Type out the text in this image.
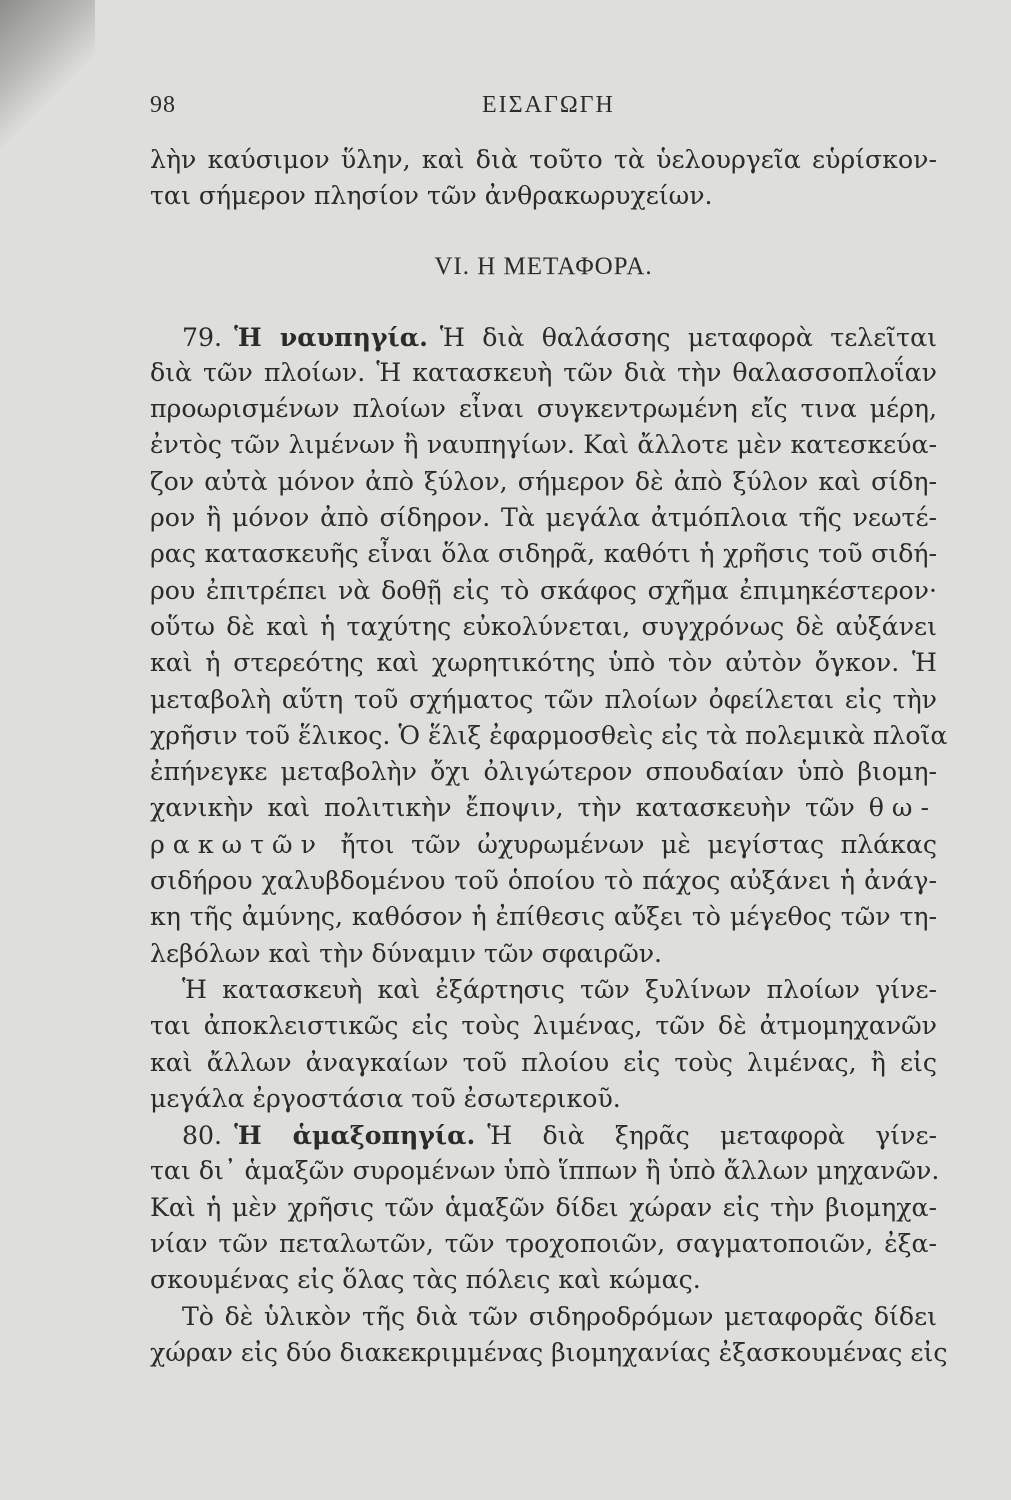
98	ΕΙΣΑΓΩΓΗ
λὴν καύσιμον ὕλην, καὶ διὰ τοῦτο τὰ ὑελουργεῖα εὑρίσκον-
ται σήμερον πλησίον τῶν ἀνθρακωρυχείων.
VI. Η ΜΕΤΑΦΟΡΑ.
79. Ἡ ναυπηγία. Ἡ διὰ θαλάσσης μεταφορὰ τελεῖται
διὰ τῶν πλοίων. Ἡ κατασκευὴ τῶν διὰ τὴν θαλασσοπλοΐαν
προωρισμένων πλοίων εἶναι συγκεντρωμένη εἴς τινα μέρη,
ἐντὸς τῶν λιμένων ἢ ναυπηγίων. Καὶ ἄλλοτε μὲν κατεσκεύα-
ζον αὐτὰ μόνον ἀπὸ ξύλον, σήμερον δὲ ἀπὸ ξύλον καὶ σίδη-
ρον ἢ μόνον ἀπὸ σίδηρον. Τὰ μεγάλα ἀτμόπλοια τῆς νεωτέ-
ρας κατασκευῆς εἶναι ὅλα σιδηρᾶ, καθότι ἡ χρῆσις τοῦ σιδή-
ρου ἐπιτρέπει νὰ δοθῇ εἰς τὸ σκάφος σχῆμα ἐπιμηκέστερον·
οὕτω δὲ καὶ ἡ ταχύτης εὐκολύνεται, συγχρόνως δὲ αὐξάνει
καὶ ἡ στερεότης καὶ χωρητικότης ὑπὸ τὸν αὐτὸν ὄγκον. Ἡ
μεταβολὴ αὕτη τοῦ σχήματος τῶν πλοίων ὀφείλεται εἰς τὴν
χρῆσιν τοῦ ἕλικος. Ὁ ἕλιξ ἐφαρμοσθεὶς εἰς τὰ πολεμικὰ πλοῖα
ἐπήνεγκε μεταβολὴν ὄχι ὀλιγώτερον σπουδαίαν ὑπὸ βιομη-
χανικὴν καὶ πολιτικὴν ἔποψιν, τὴν κατασκευὴν τῶν θω-
ρακωτῶν ἤτοι τῶν ὠχυρωμένων μὲ μεγίστας πλάκας
σιδήρου χαλυβδομένου τοῦ ὁποίου τὸ πάχος αὐξάνει ἡ ἀνάγ-
κη τῆς ἀμύνης, καθόσον ἡ ἐπίθεσις αὔξει τὸ μέγεθος τῶν τη-
λεβόλων καὶ τὴν δύναμιν τῶν σφαιρῶν.
Ἡ κατασκευὴ καὶ ἐξάρτησις τῶν ξυλίνων πλοίων γίνε-
ται ἀποκλειστικῶς εἰς τοὺς λιμένας, τῶν δὲ ἀτμομηχανῶν
καὶ ἄλλων ἀναγκαίων τοῦ πλοίου εἰς τοὺς λιμένας, ἢ εἰς
μεγάλα ἐργοστάσια τοῦ ἐσωτερικοῦ.
80. Ἡ ἁμαξοπηγία. Ἡ διὰ ξηρᾶς μεταφορὰ γίνε-
ται δι᾽ ἁμαξῶν συρομένων ὑπὸ ἵππων ἢ ὑπὸ ἄλλων μηχανῶν.
Καὶ ἡ μὲν χρῆσις τῶν ἁμαξῶν δίδει χώραν εἰς τὴν βιομηχα-
νίαν τῶν πεταλωτῶν, τῶν τροχοποιῶν, σαγματοποιῶν, ἐξα-
σκουμένας εἰς ὅλας τὰς πόλεις καὶ κώμας.
Τὸ δὲ ὑλικὸν τῆς διὰ τῶν σιδηροδρόμων μεταφορᾶς δίδει
χώραν εἰς δύο διακεκριμμένας βιομηχανίας ἐξασκουμένας εἰς
